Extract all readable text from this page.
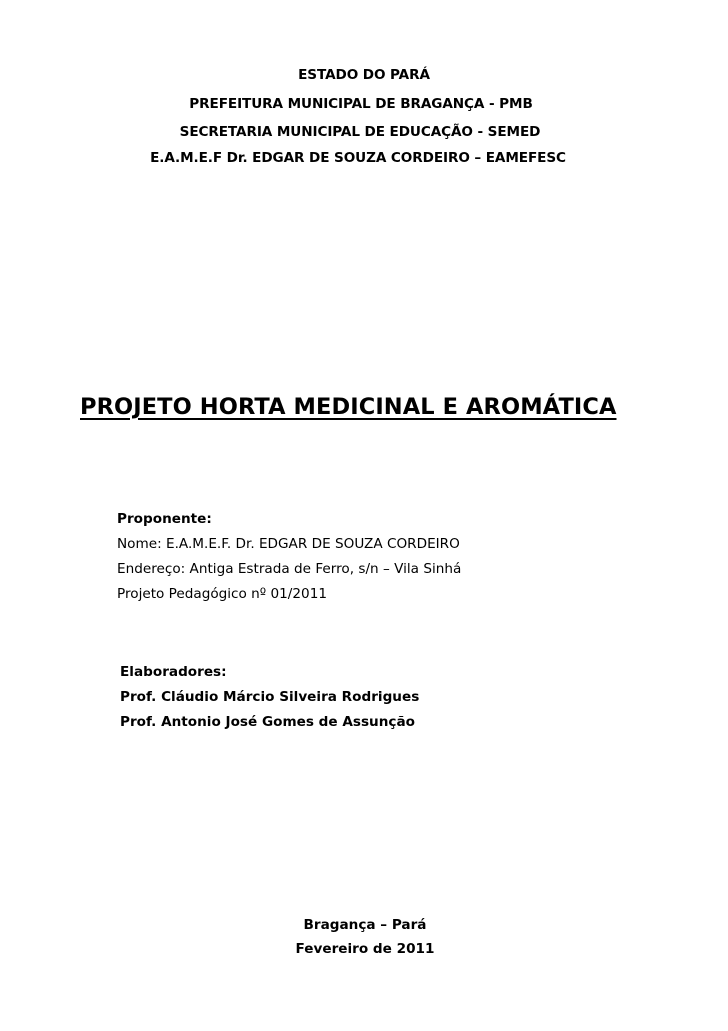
ESTADO DO PARÁ
PREFEITURA MUNICIPAL DE BRAGANÇA - PMB
SECRETARIA MUNICIPAL DE EDUCAÇÃO - SEMED
E.A.M.E.F Dr. EDGAR DE SOUZA CORDEIRO – EAMEFESC
PROJETO HORTA MEDICINAL E AROMÁTICA
Proponente:
Nome: E.A.M.E.F. Dr. EDGAR DE SOUZA CORDEIRO
Endereço: Antiga Estrada de Ferro, s/n – Vila Sinhá
Projeto Pedagógico nº 01/2011
Elaboradores:
Prof. Cláudio Márcio Silveira Rodrigues
Prof. Antonio José Gomes de Assunção
Bragança – Pará
Fevereiro de 2011
